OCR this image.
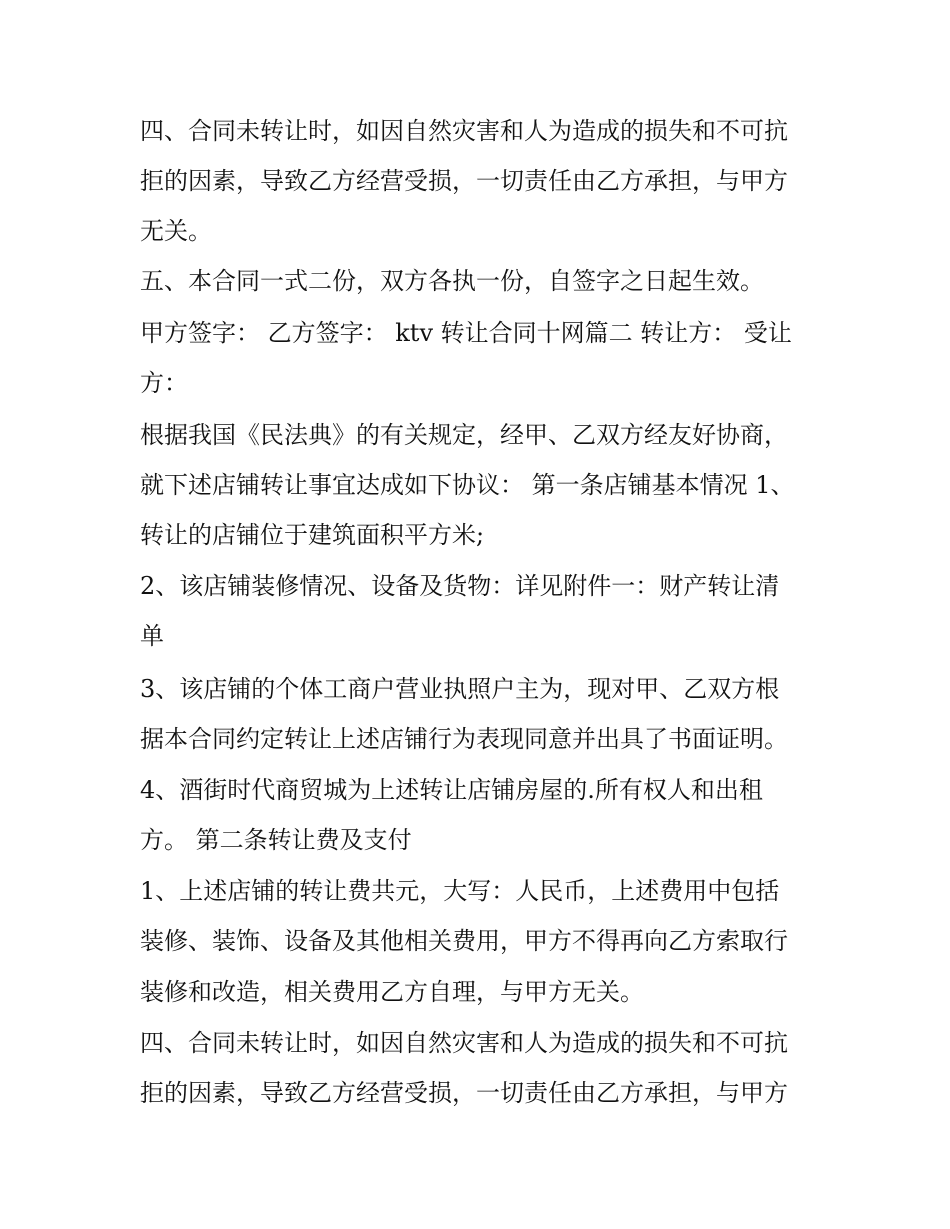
四、合同未转让时，如因自然灾害和人为造成的损失和不可抗
拒的因素，导致乙方经营受损，一切责任由乙方承担，与甲方
无关。
五、本合同一式二份，双方各执一份，自签字之日起生效。
甲方签字： 乙方签字： ktv 转让合同十网篇二 转让方： 受让
方：
根据我国《民法典》的有关规定，经甲、乙双方经友好协商，
就下述店铺转让事宜达成如下协议： 第一条店铺基本情况 1、
转让的店铺位于建筑面积平方米;
2、该店铺装修情况、设备及货物：详见附件一：财产转让清
单
3、该店铺的个体工商户营业执照户主为，现对甲、乙双方根
据本合同约定转让上述店铺行为表现同意并出具了书面证明。
4、酒街时代商贸城为上述转让店铺房屋的.所有权人和出租
方。 第二条转让费及支付
1、上述店铺的转让费共元，大写：人民币，上述费用中包括
装修、装饰、设备及其他相关费用，甲方不得再向乙方索取行
装修和改造，相关费用乙方自理，与甲方无关。
四、合同未转让时，如因自然灾害和人为造成的损失和不可抗
拒的因素，导致乙方经营受损，一切责任由乙方承担，与甲方
